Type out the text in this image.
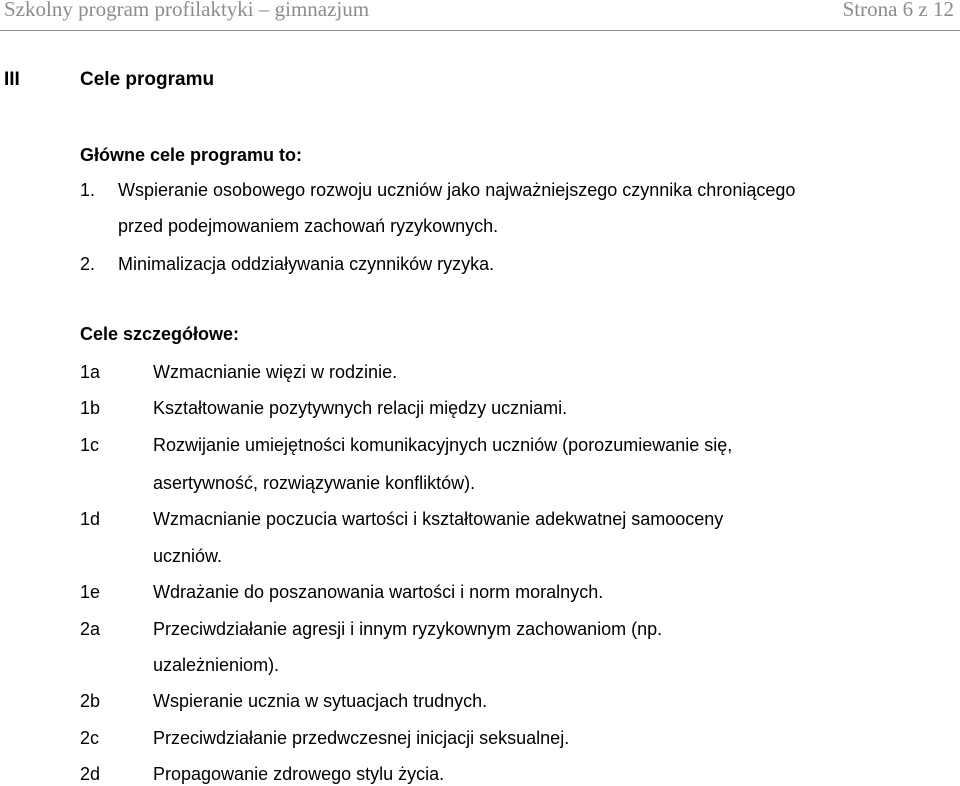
Szkolny program profilaktyki – gimnazjum	Strona 6 z 12
III	Cele programu
Główne cele programu to:
1. Wspieranie osobowego rozwoju uczniów jako najważniejszego czynnika chroniącego
przed podejmowaniem zachowań ryzykownych.
2. Minimalizacja oddziaływania czynników ryzyka.
Cele szczegółowe:
1a	Wzmacnianie więzi w rodzinie.
1b	Kształtowanie pozytywnych relacji między uczniami.
1c	Rozwijanie umiejętności komunikacyjnych uczniów (porozumiewanie się,
asertywność, rozwiązywanie konfliktów).
1d	Wzmacnianie poczucia wartości i kształtowanie adekwatnej samooceny
uczniów.
1e	Wdrażanie do poszanowania wartości i norm moralnych.
2a	Przeciwdziałanie agresji i innym ryzykownym zachowaniom (np.
uzależnieniom).
2b	Wspieranie ucznia w sytuacjach trudnych.
2c	Przeciwdziałanie przedwczesnej inicjacji seksualnej.
2d	Propagowanie zdrowego stylu życia.
